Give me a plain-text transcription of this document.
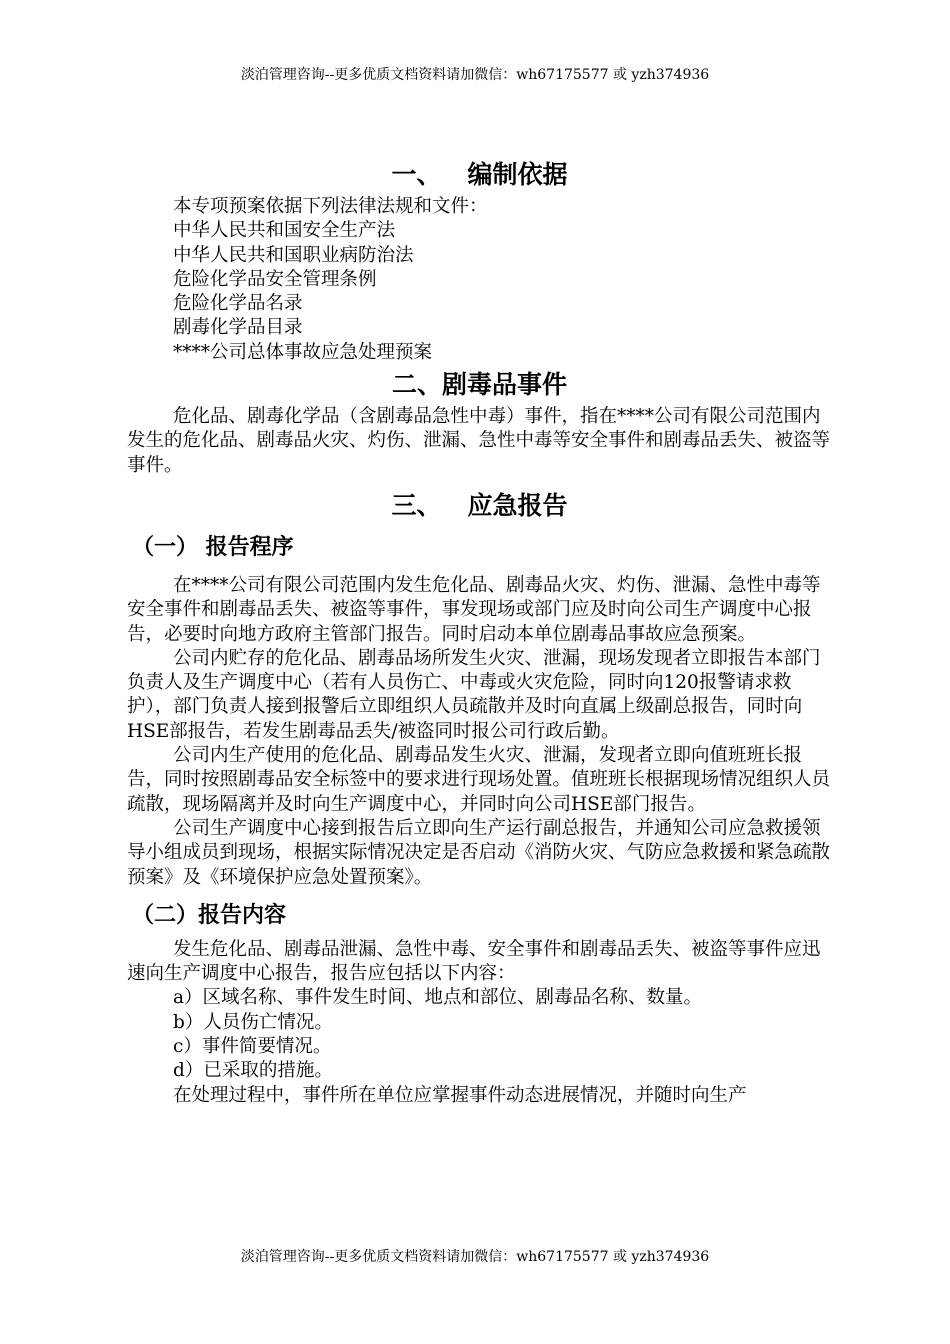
淡泊管理咨询--更多优质文档资料请加微信：wh67175577 或 yzh374936
一、   编制依据

本专项预案依据下列法律法规和文件：

中华人民共和国安全生产法

中华人民共和国职业病防治法

危险化学品安全管理条例

危险化学品名录

剧毒化学品目录

****公司总体事故应急处理预案

二、剧毒品事件

危化品、剧毒化学品（含剧毒品急性中毒）事件，指在****公司有限公司范围内发生的危化品、剧毒品火灾、灼伤、泄漏、急性中毒等安全事件和剧毒品丢失、被盗等事件。

三、   应急报告
（一） 报告程序

在****公司有限公司范围内发生危化品、剧毒品火灾、灼伤、泄漏、急性中毒等安全事件和剧毒品丢失、被盗等事件，事发现场或部门应及时向公司生产调度中心报告，必要时向地方政府主管部门报告。同时启动本单位剧毒品事故应急预案。

公司内贮存的危化品、剧毒品场所发生火灾、泄漏，现场发现者立即报告本部门负责人及生产调度中心（若有人员伤亡、中毒或火灾危险，同时向120报警请求救护），部门负责人接到报警后立即组织人员疏散并及时向直属上级副总报告，同时向HSE部报告，若发生剧毒品丢失/被盗同时报公司行政后勤。

公司内生产使用的危化品、剧毒品发生火灾、泄漏，发现者立即向值班班长报告，同时按照剧毒品安全标签中的要求进行现场处置。值班班长根据现场情况组织人员疏散，现场隔离并及时向生产调度中心，并同时向公司HSE部门报告。

公司生产调度中心接到报告后立即向生产运行副总报告，并通知公司应急救援领导小组成员到现场，根据实际情况决定是否启动《消防火灾、气防应急救援和紧急疏散预案》及《环境保护应急处置预案》。

（二）报告内容

发生危化品、剧毒品泄漏、急性中毒、安全事件和剧毒品丢失、被盗等事件应迅速向生产调度中心报告，报告应包括以下内容：

a）区域名称、事件发生时间、地点和部位、剧毒品名称、数量。

b）人员伤亡情况。

c）事件简要情况。

d）已采取的措施。

在处理过程中，事件所在单位应掌握事件动态进展情况，并随时向生产

淡泊管理咨询--更多优质文档资料请加微信：wh67175577 或 yzh374936
